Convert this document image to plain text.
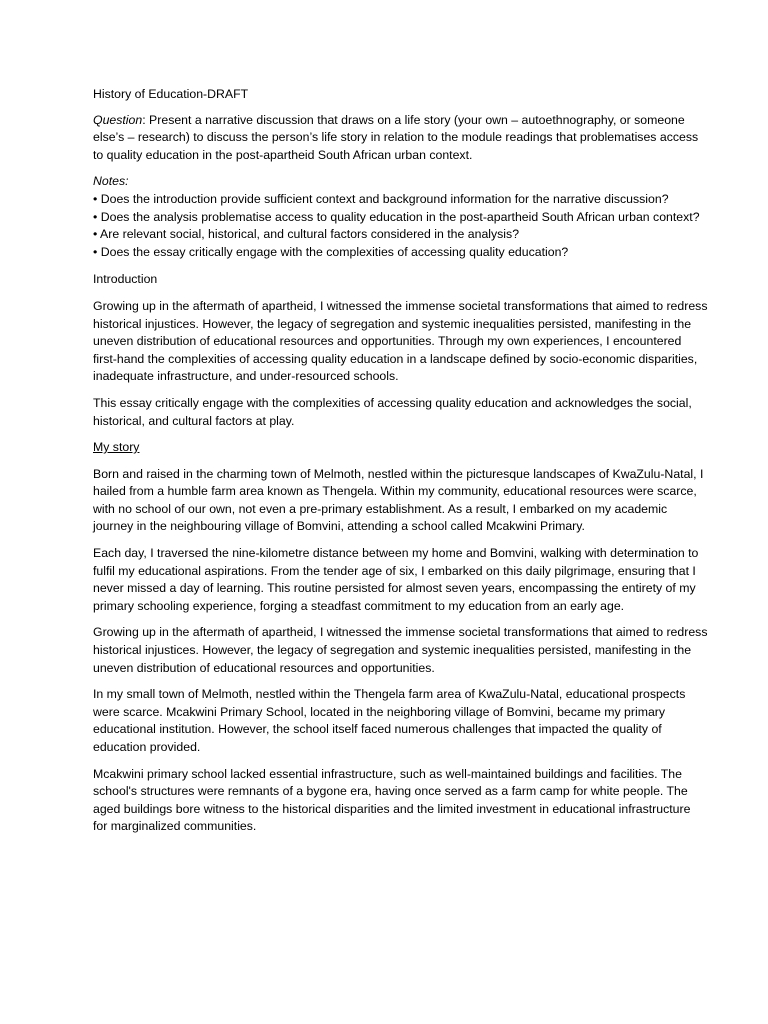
History of Education-DRAFT

Question: Present a narrative discussion that draws on a life story (your own – autoethnography, or someone else’s – research) to discuss the person’s life story in relation to the module readings that problematises access to quality education in the post-apartheid South African urban context.

Notes:
• Does the introduction provide sufficient context and background information for the narrative discussion?
• Does the analysis problematise access to quality education in the post-apartheid South African urban context?
• Are relevant social, historical, and cultural factors considered in the analysis?
• Does the essay critically engage with the complexities of accessing quality education?

Introduction

Growing up in the aftermath of apartheid, I witnessed the immense societal transformations that aimed to redress historical injustices. However, the legacy of segregation and systemic inequalities persisted, manifesting in the uneven distribution of educational resources and opportunities. Through my own experiences, I encountered first-hand the complexities of accessing quality education in a landscape defined by socio-economic disparities, inadequate infrastructure, and under-resourced schools.

This essay critically engage with the complexities of accessing quality education and acknowledges the social, historical, and cultural factors at play.

My story

Born and raised in the charming town of Melmoth, nestled within the picturesque landscapes of KwaZulu-Natal, I hailed from a humble farm area known as Thengela. Within my community, educational resources were scarce, with no school of our own, not even a pre-primary establishment. As a result, I embarked on my academic journey in the neighbouring village of Bomvini, attending a school called Mcakwini Primary.

Each day, I traversed the nine-kilometre distance between my home and Bomvini, walking with determination to fulfil my educational aspirations. From the tender age of six, I embarked on this daily pilgrimage, ensuring that I never missed a day of learning. This routine persisted for almost seven years, encompassing the entirety of my primary schooling experience, forging a steadfast commitment to my education from an early age.

Growing up in the aftermath of apartheid, I witnessed the immense societal transformations that aimed to redress historical injustices. However, the legacy of segregation and systemic inequalities persisted, manifesting in the uneven distribution of educational resources and opportunities.

In my small town of Melmoth, nestled within the Thengela farm area of KwaZulu-Natal, educational prospects were scarce. Mcakwini Primary School, located in the neighboring village of Bomvini, became my primary educational institution. However, the school itself faced numerous challenges that impacted the quality of education provided.

Mcakwini primary school lacked essential infrastructure, such as well-maintained buildings and facilities. The school's structures were remnants of a bygone era, having once served as a farm camp for white people. The aged buildings bore witness to the historical disparities and the limited investment in educational infrastructure for marginalized communities.
